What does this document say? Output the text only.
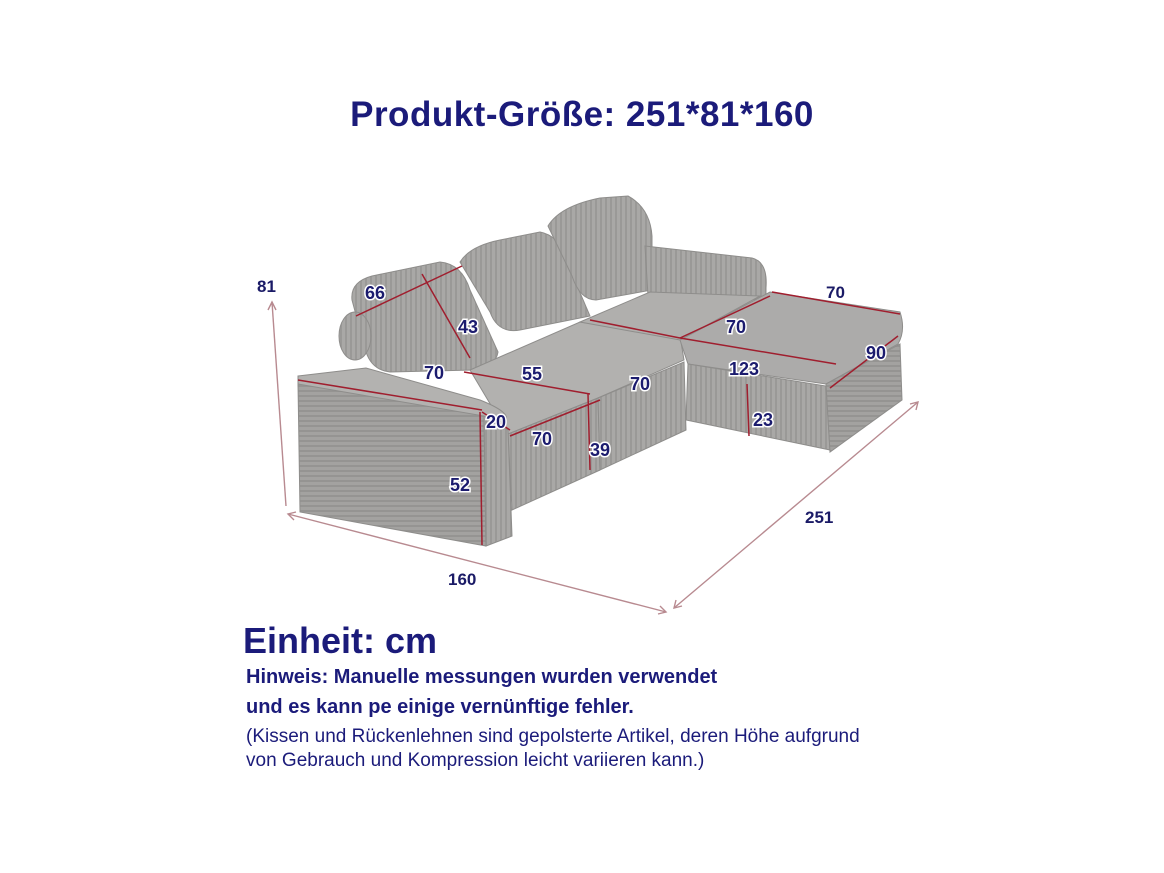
Produkt-Größe: 251*81*160
81
160
251
66
43
70	55	70
20
70
39
52
70
70
123
90
23
Einheit: cm
Hinweis: Manuelle messungen wurden verwendet
und es kann pe einige vernünftige fehler.
(Kissen und Rückenlehnen sind gepolsterte Artikel, deren Höhe aufgrund
von Gebrauch und Kompression leicht variieren kann.)
